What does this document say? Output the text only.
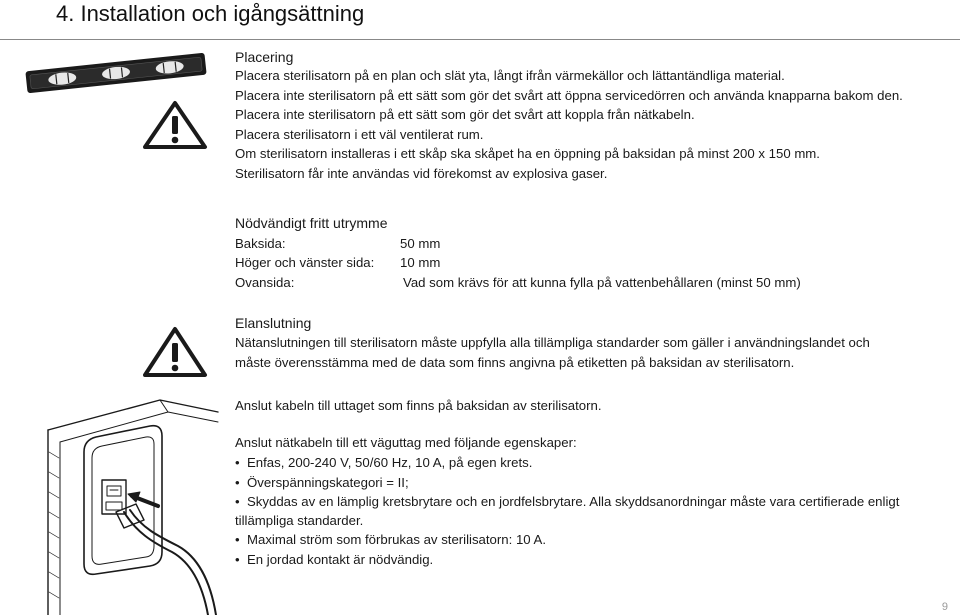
4. Installation och igångsättning
Placering
Placera sterilisatorn på en plan och slät yta, långt ifrån värmekällor och lättantändliga material.
Placera inte sterilisatorn på ett sätt som gör det svårt att öppna servicedörren och använda knapparna bakom den.
Placera inte sterilisatorn på ett sätt som gör det svårt att koppla från nätkabeln.
Placera sterilisatorn i ett väl ventilerat rum.
Om sterilisatorn installeras i ett skåp ska skåpet ha en öppning på baksidan på minst 200 x 150 mm.
Sterilisatorn får inte användas vid förekomst av explosiva gaser.
Nödvändigt fritt utrymme
Baksida:	50 mm
Höger och vänster sida: 10 mm
Ovansida:	Vad som krävs för att kunna fylla på vattenbehållaren (minst 50 mm)
Elanslutning
Nätanslutningen till sterilisatorn måste uppfylla alla tillämpliga standarder som gäller i användningslandet och
måste överensstämma med de data som finns angivna på etiketten på baksidan av sterilisatorn.
Anslut kabeln till uttaget som finns på baksidan av sterilisatorn.
Anslut nätkabeln till ett väguttag med följande egenskaper:
• Enfas, 200-240 V, 50/60 Hz, 10 A, på egen krets.
• Överspänningskategori = II;
• Skyddas av en lämplig kretsbrytare och en jordfelsbrytare. Alla skyddsanordningar måste vara certifierade enligt
tillämpliga standarder.
• Maximal ström som förbrukas av sterilisatorn: 10 A.
• En jordad kontakt är nödvändig.
9
